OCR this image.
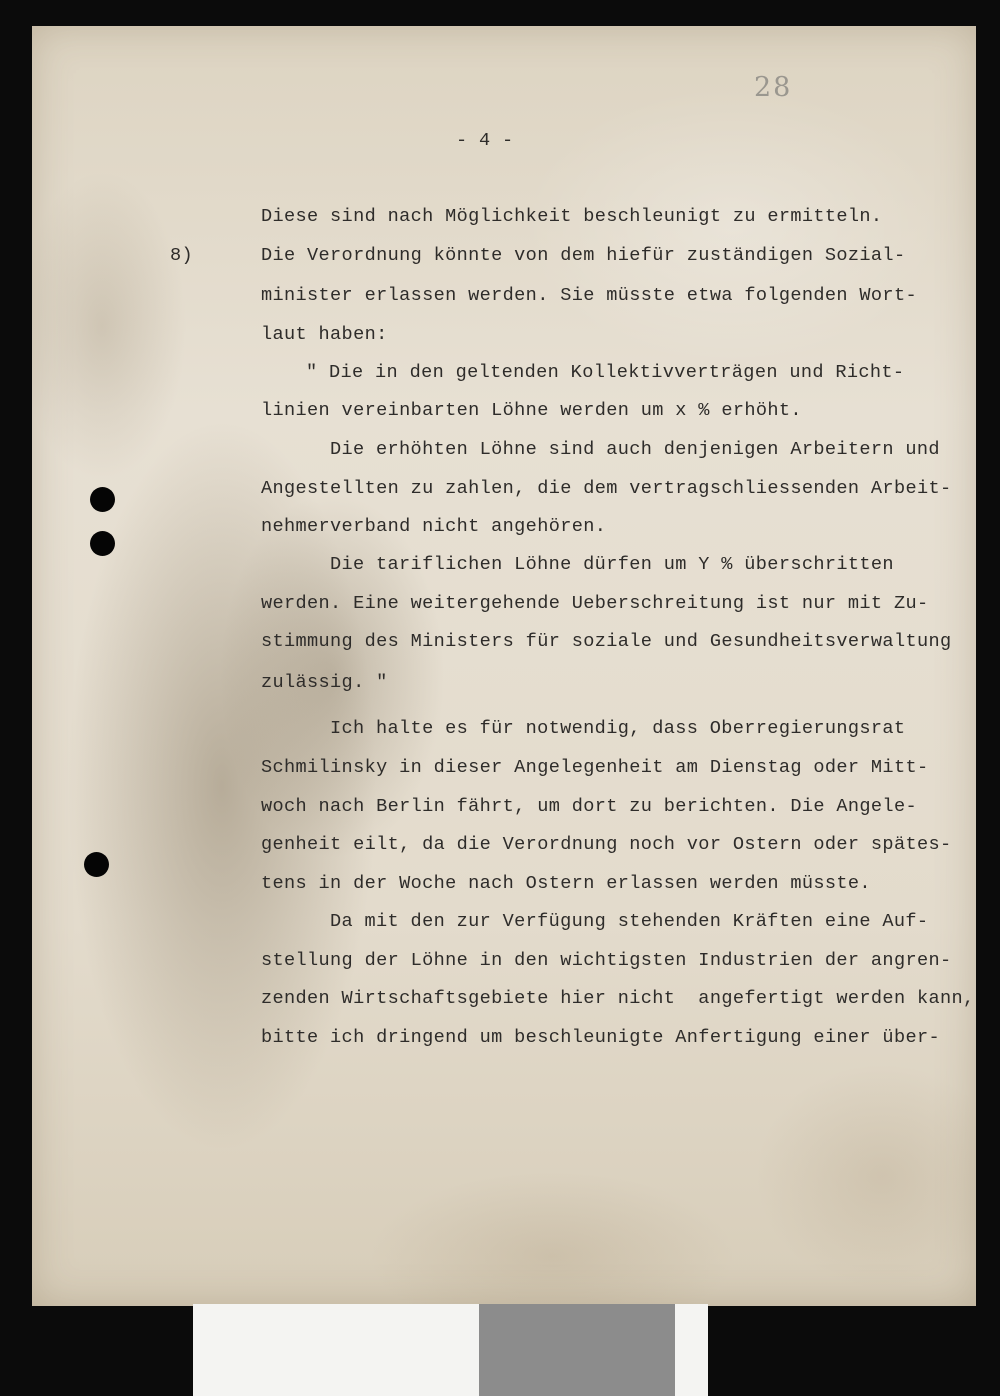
28
- 4 -
8)
Diese sind nach Möglichkeit beschleunigt zu ermitteln.
Die Verordnung könnte von dem hiefür zuständigen Sozial-
minister erlassen werden. Sie müsste etwa folgenden Wort-
laut haben:
" Die in den geltenden Kollektivverträgen und Richt-
linien vereinbarten Löhne werden um x % erhöht.
Die erhöhten Löhne sind auch denjenigen Arbeitern und
Angestellten zu zahlen, die dem vertragschliessenden Arbeit-
nehmerverband nicht angehören.
Die tariflichen Löhne dürfen um Y % überschritten
werden. Eine weitergehende Ueberschreitung ist nur mit Zu-
stimmung des Ministers für soziale und Gesundheitsverwaltung
zulässig. "
Ich halte es für notwendig, dass Oberregierungsrat
Schmilinsky in dieser Angelegenheit am Dienstag oder Mitt-
woch nach Berlin fährt, um dort zu berichten. Die Angele-
genheit eilt, da die Verordnung noch vor Ostern oder spätes-
tens in der Woche nach Ostern erlassen werden müsste.
Da mit den zur Verfügung stehenden Kräften eine Auf-
stellung der Löhne in den wichtigsten Industrien der angren-
zenden Wirtschaftsgebiete hier nicht  angefertigt werden kann,
bitte ich dringend um beschleunigte Anfertigung einer über-
